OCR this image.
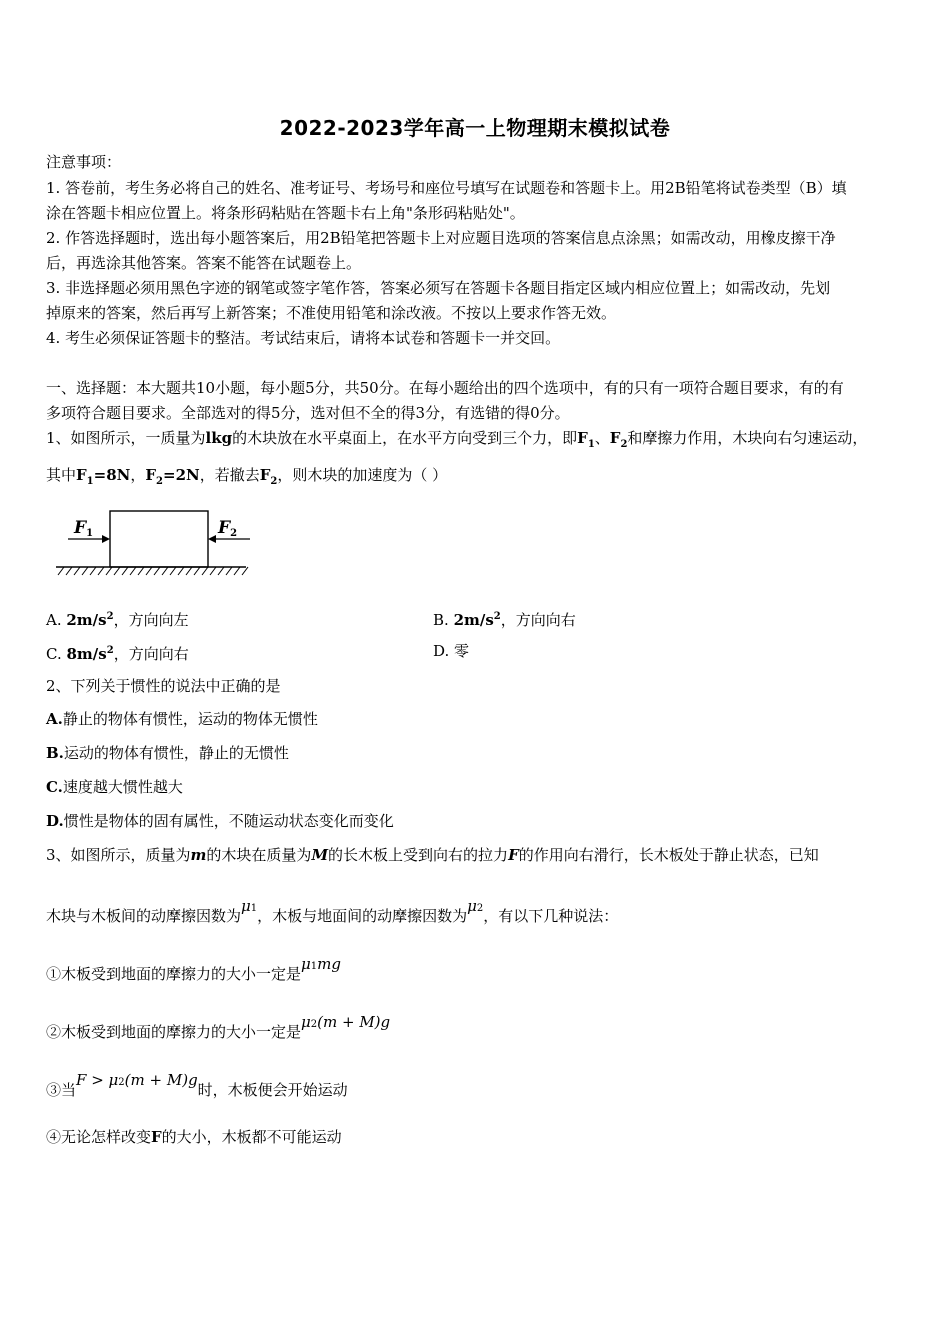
2022-2023学年高一上物理期末模拟试卷
注意事项：
1. 答卷前，考生务必将自己的姓名、准考证号、考场号和座位号填写在试题卷和答题卡上。用2B铅笔将试卷类型（B）填
涂在答题卡相应位置上。将条形码粘贴在答题卡右上角"条形码粘贴处"。
2. 作答选择题时，选出每小题答案后，用2B铅笔把答题卡上对应题目选项的答案信息点涂黑；如需改动，用橡皮擦干净
后，再选涂其他答案。答案不能答在试题卷上。
3. 非选择题必须用黑色字迹的钢笔或签字笔作答，答案必须写在答题卡各题目指定区域内相应位置上；如需改动，先划
掉原来的答案，然后再写上新答案；不准使用铅笔和涂改液。不按以上要求作答无效。
4. 考生必须保证答题卡的整洁。考试结束后，请将本试卷和答题卡一并交回。
一、选择题：本大题共10小题，每小题5分，共50分。在每小题给出的四个选项中，有的只有一项符合题目要求，有的有
多项符合题目要求。全部选对的得5分，选对但不全的得3分，有选错的得0分。
1、如图所示，一质量为lkg的木块放在水平桌面上，在水平方向受到三个力，即$F_1$、$F_2$和摩擦力作用，木块向右匀速运动，
其中$F_1=8N$，$F_2=2N$，若撤去$F_2$，则木块的加速度为（ ）
F1	F2
A. $2m/s^2$，方向向左	B. $2m/s^2$，方向向右
C. $8m/s^2$，方向向右	D. 零
2、下列关于惯性的说法中正确的是
A.静止的物体有惯性，运动的物体无惯性
B.运动的物体有惯性，静止的无惯性
C.速度越大惯性越大
D.惯性是物体的固有属性，不随运动状态变化而变化
3、如图所示，质量为m的木块在质量为M的长木板上受到向右的拉力F的作用向右滑行，长木板处于静止状态，已知
木块与木板间的动摩擦因数为μ1，木板与地面间的动摩擦因数为μ2，有以下几种说法：
①木板受到地面的摩擦力的大小一定是μ1mg
②木板受到地面的摩擦力的大小一定是μ2(m + M)g
③当F > μ2(m + M)g时，木板便会开始运动
④无论怎样改变F的大小，木板都不可能运动
